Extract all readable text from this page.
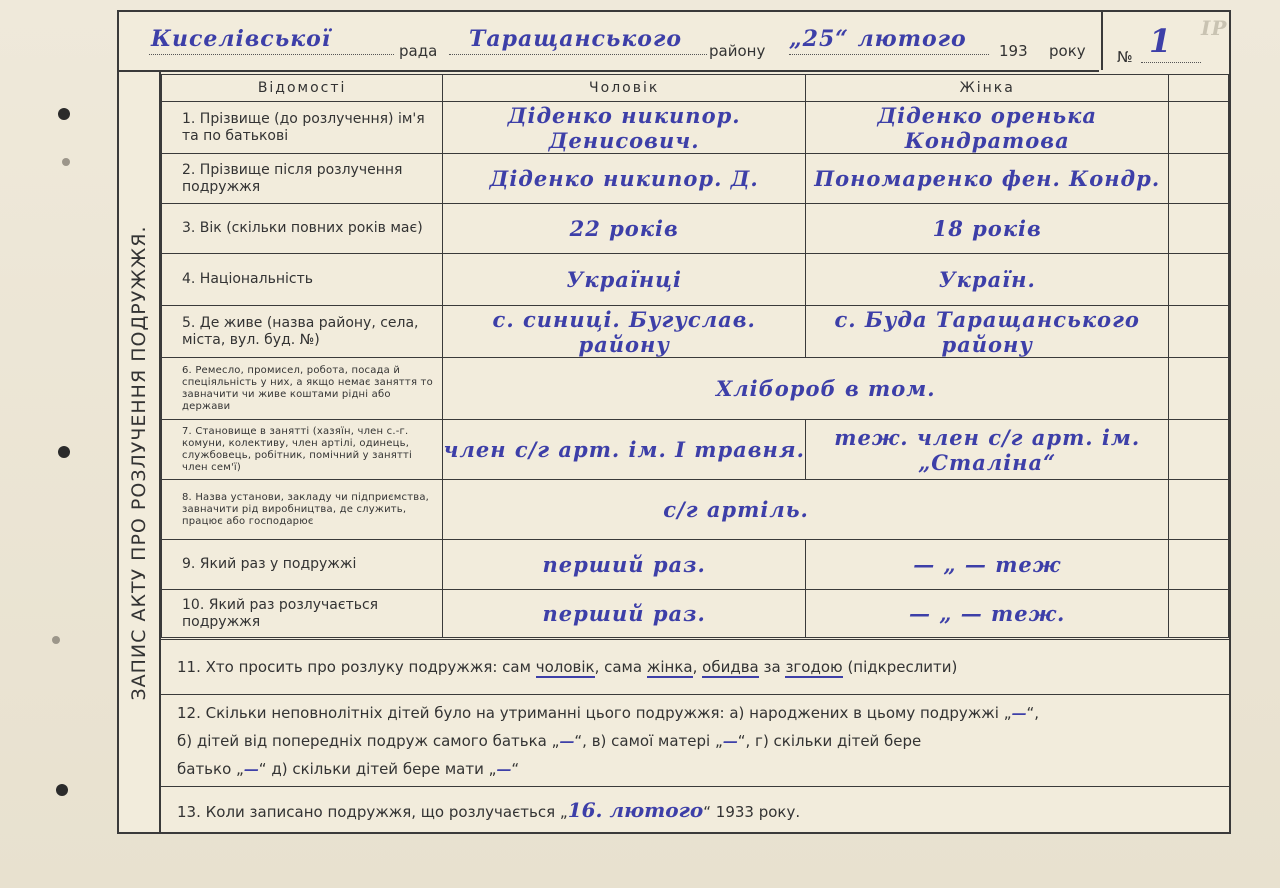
Киселівської	рада Таращанського району „25“ лютого 193 року № 1 ІР
ЗАПИС АКТУ ПРО РОЗЛУЧЕННЯ ПОДРУЖЖЯ.
Відомості	Чоловік	Жінка	
1. Прізвище (до розлучення) ім'я та по батькові	Діденко никипор. Денисович.	Діденко оренька Кондратова	
2. Прізвище після розлучення подружжя	Діденко никипор. Д.	Пономаренко фен. Кондр.	
3. Вік (скільки повних років має)	22 років	18 років	
4. Національність	Українці	Україн.	
5. Де живе (назва району, села, міста, вул. буд. №)	с. синиці. Бугуслав. району	с. Буда Таращанського району	
6. Ремесло, промисел, робота, посада й спеціяльність у них, а якщо немає заняття то завначити чи живе коштами рідні або держави	Хлібороб в том.		
7. Становище в занятті (хазяїн, член с.-г. комуни, колективу, член артілі, одинець, службовець, робітник, помічний у занятті член сем'ї)	член с/г арт. ім. І травня.	теж. член с/г арт. ім. „Сталіна“	
8. Назва установи, закладу чи підприємства, завначити рід виробництва, де служить, працює або господарює	с/г артіль.		
9. Який раз у подружжі	перший раз.	— „ — теж	
10. Який раз розлучається подружжя	перший раз.	— „ — теж.	
11. Хто просить про розлуку подружжя: сам чоловік, сама жінка, обидва за згодою (підкреслити)
12. Скільки неповнолітніх дітей було на утриманні цього подружжя: а) народжених в цьому подружжі „—“,
б) дітей від попередніх подруж самого батька „—“, в) самої матері „—“, г) скільки дітей бере
батько „—“ д) скільки дітей бере мати „—“
13. Коли записано подружжя, що розлучається „16. лютого“ 1933 року.
